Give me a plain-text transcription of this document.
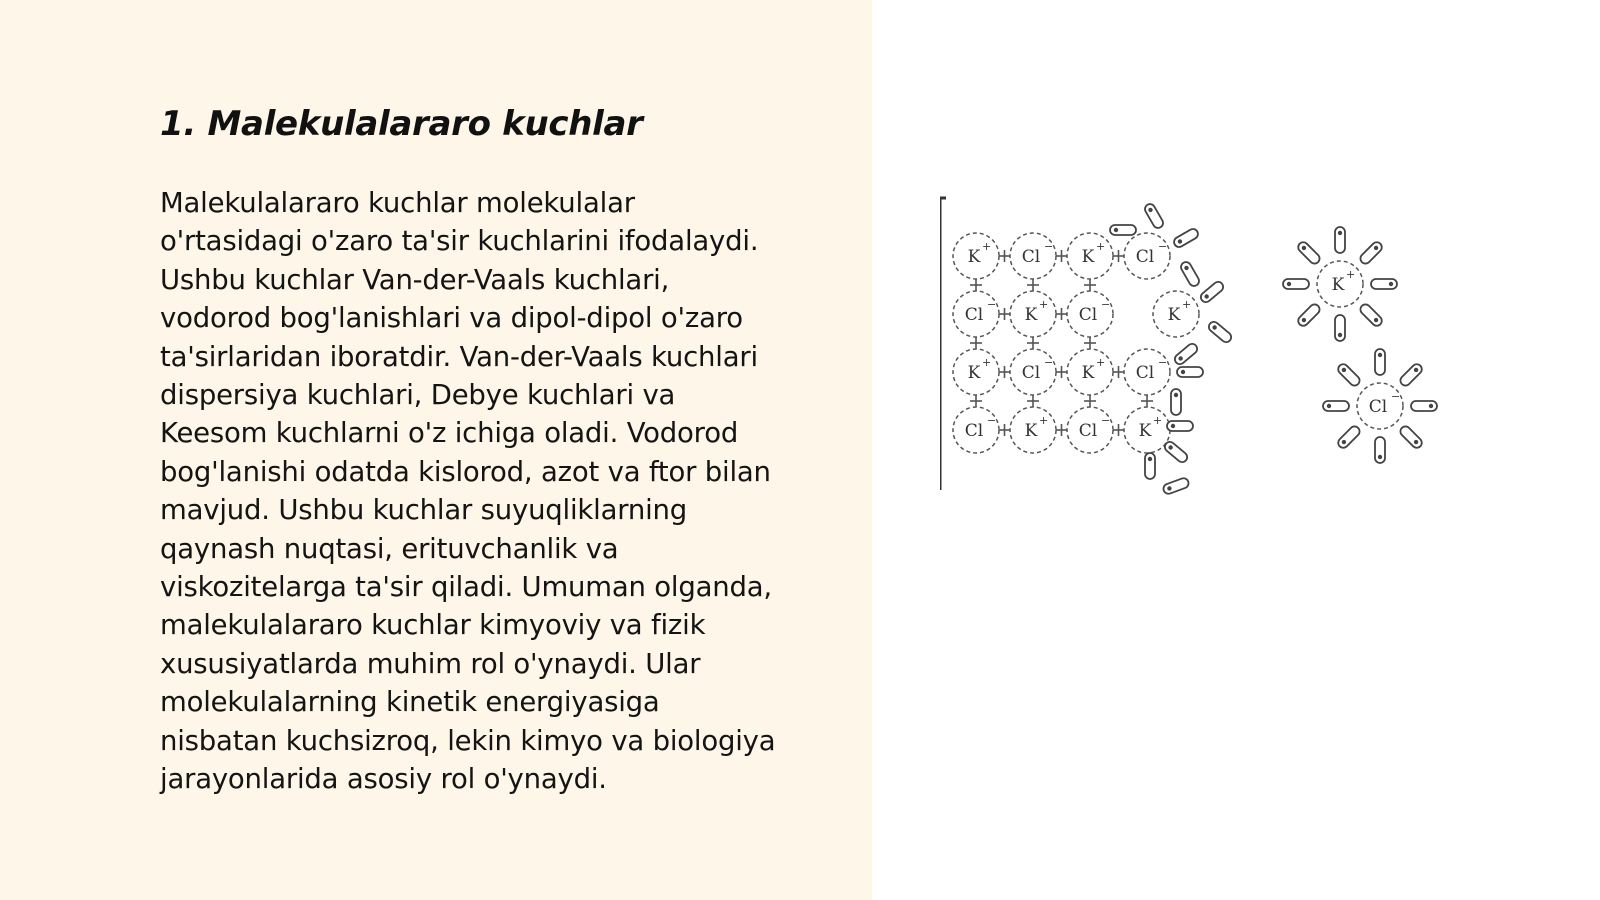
1. Malekulalararo kuchlar

Malekulalararo kuchlar molekulalar
o'rtasidagi o'zaro ta'sir kuchlarini ifodalaydi.
Ushbu kuchlar Van-der-Vaals kuchlari,
vodorod bog'lanishlari va dipol-dipol o'zaro
ta'sirlaridan iboratdir. Van-der-Vaals kuchlari
dispersiya kuchlari, Debye kuchlari va
Keesom kuchlarni o'z ichiga oladi. Vodorod
bog'lanishi odatda kislorod, azot va ftor bilan
mavjud. Ushbu kuchlar suyuqliklarning
qaynash nuqtasi, erituvchanlik va
viskozitelarga ta'sir qiladi. Umuman olganda,
malekulalararo kuchlar kimyoviy va fizik
xususiyatlarda muhim rol o'ynaydi. Ular
molekulalarning kinetik energiyasiga
nisbatan kuchsizroq, lekin kimyo va biologiya
jarayonlarida asosiy rol o'ynaydi.

K
+
Cl
−
K
+
Cl
−
Cl
−
K
+
Cl
−
K
+
K
+
Cl
−
K
+
Cl
−
Cl
−
K
+
Cl
−
K
+
K
+
Cl
−
